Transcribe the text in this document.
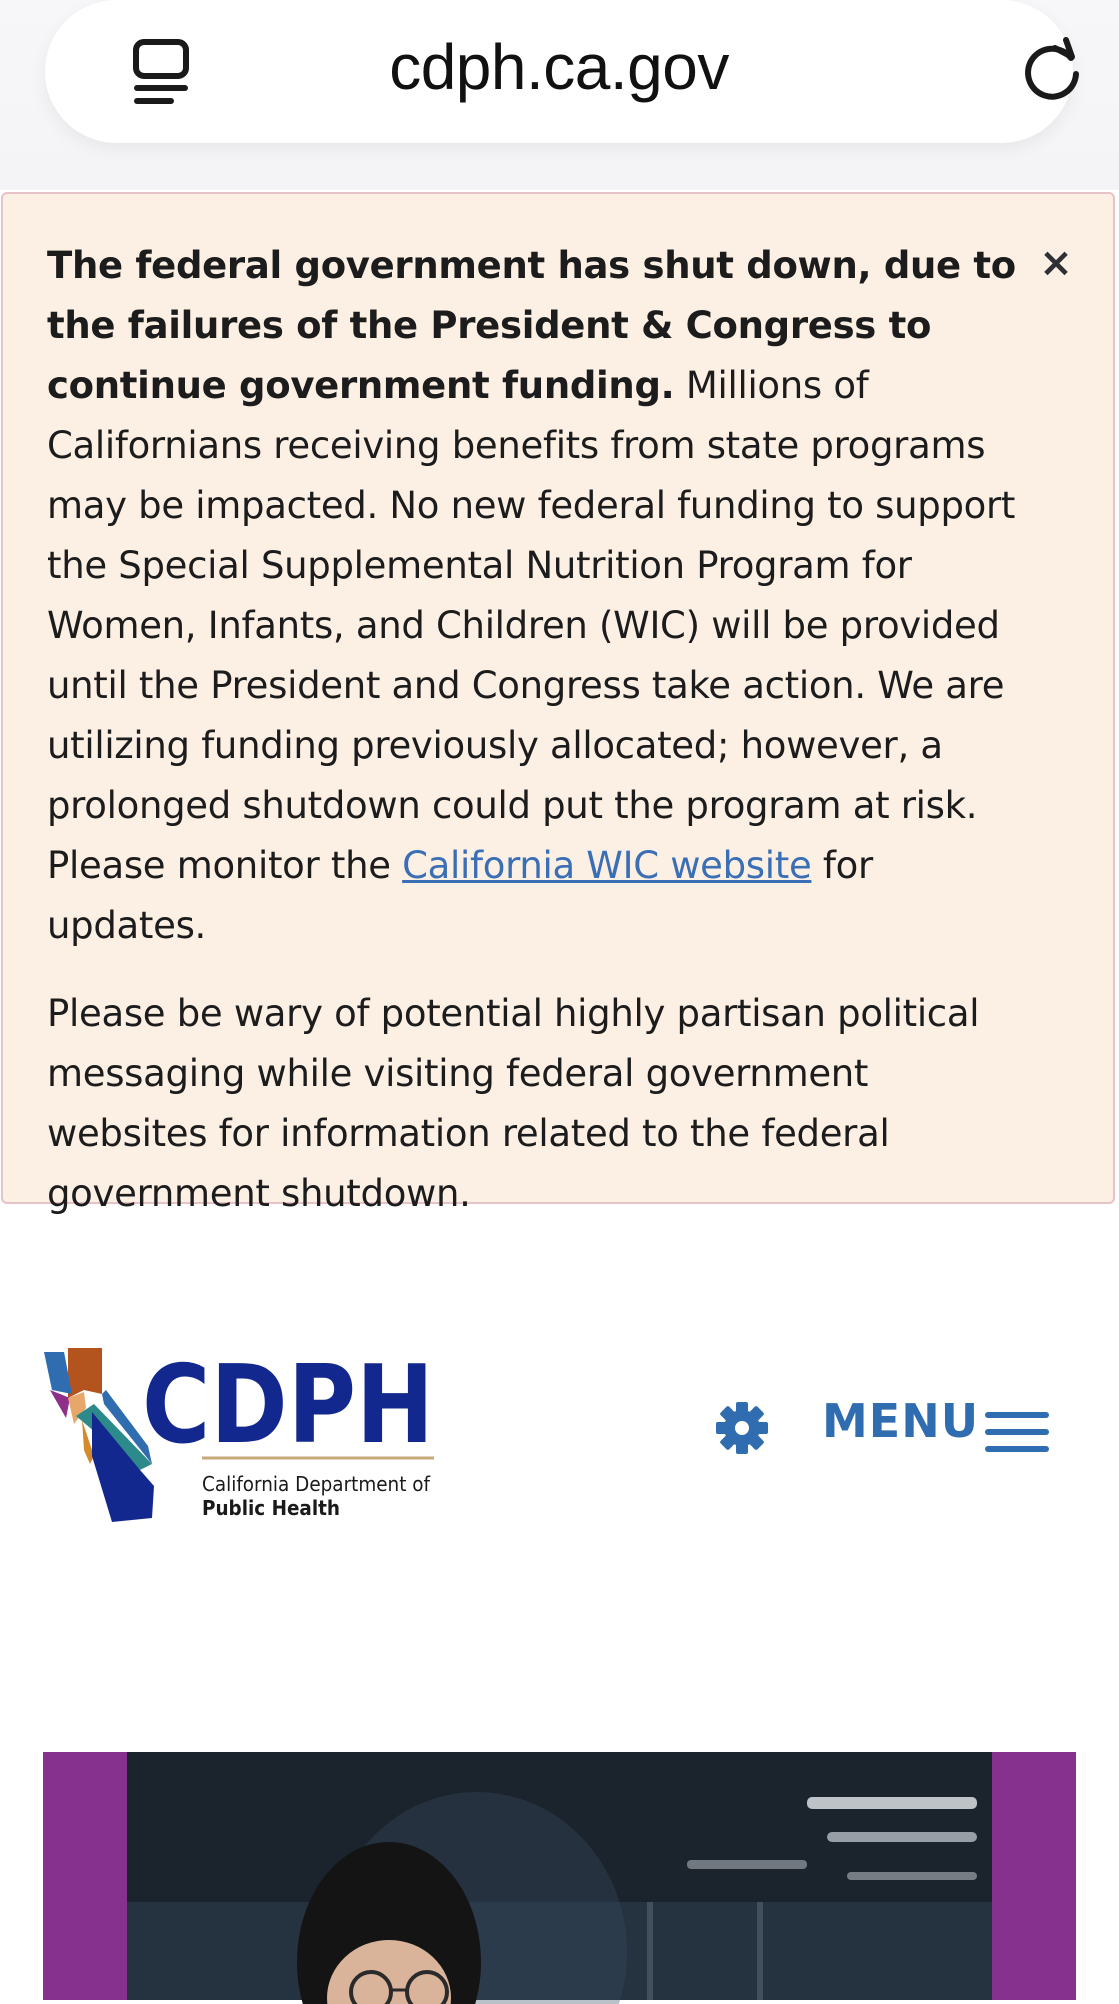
cdph.ca.gov

The federal government has shut down, due to the failures of the President & Congress to continue government funding. Millions of Californians receiving benefits from state programs may be impacted. No new federal funding to support the Special Supplemental Nutrition Program for Women, Infants, and Children (WIC) will be provided until the President and Congress take action. We are utilizing funding previously allocated; however, a prolonged shutdown could put the program at risk. Please monitor the California WIC website for updates.

Please be wary of potential highly partisan political messaging while visiting federal government websites for information related to the federal government shutdown.

×
CDPH
California Department of
Public Health
MENU
